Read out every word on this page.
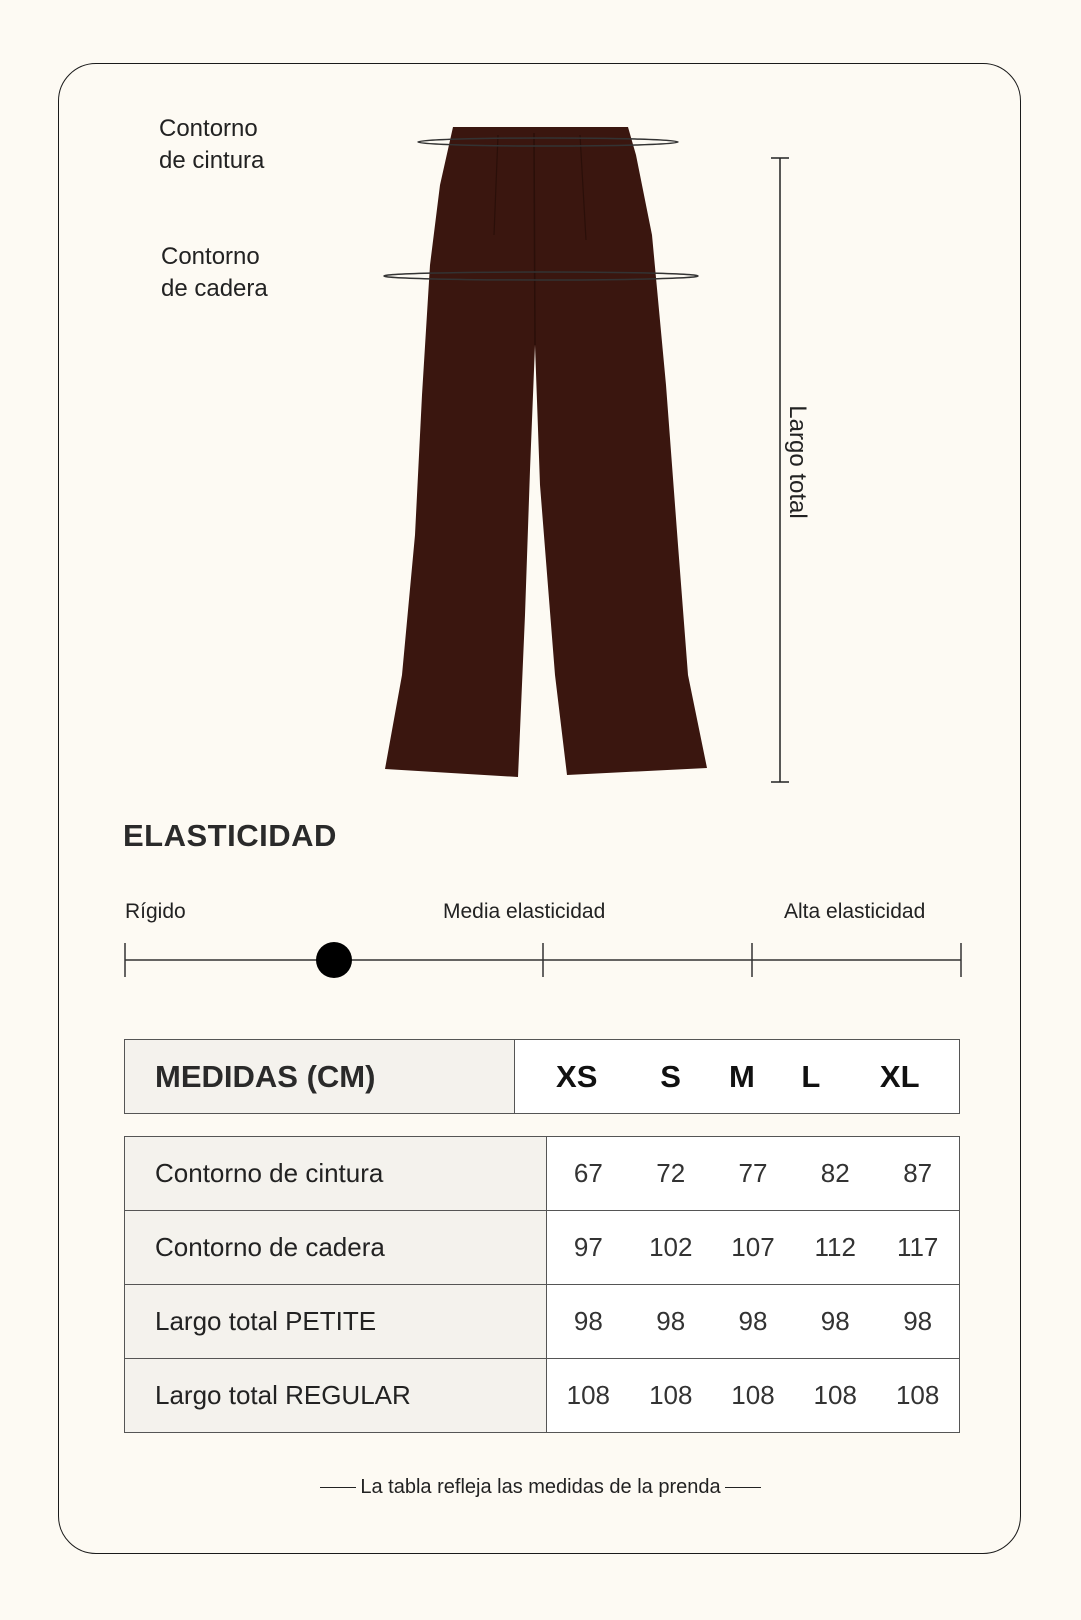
Contorno
de cintura
Contorno
de cadera
Largo total
ELASTICIDAD
Rígido	Media elasticidad	Alta elasticidad
MEDIDAS (CM)	XS	S	M	L	XL
Contorno de cintura	67	72	77	82	87
Contorno de cadera	97	102	107	112	117
Largo total PETITE	98	98	98	98	98
Largo total REGULAR	108	108	108	108	108
La tabla refleja las medidas de la prenda
